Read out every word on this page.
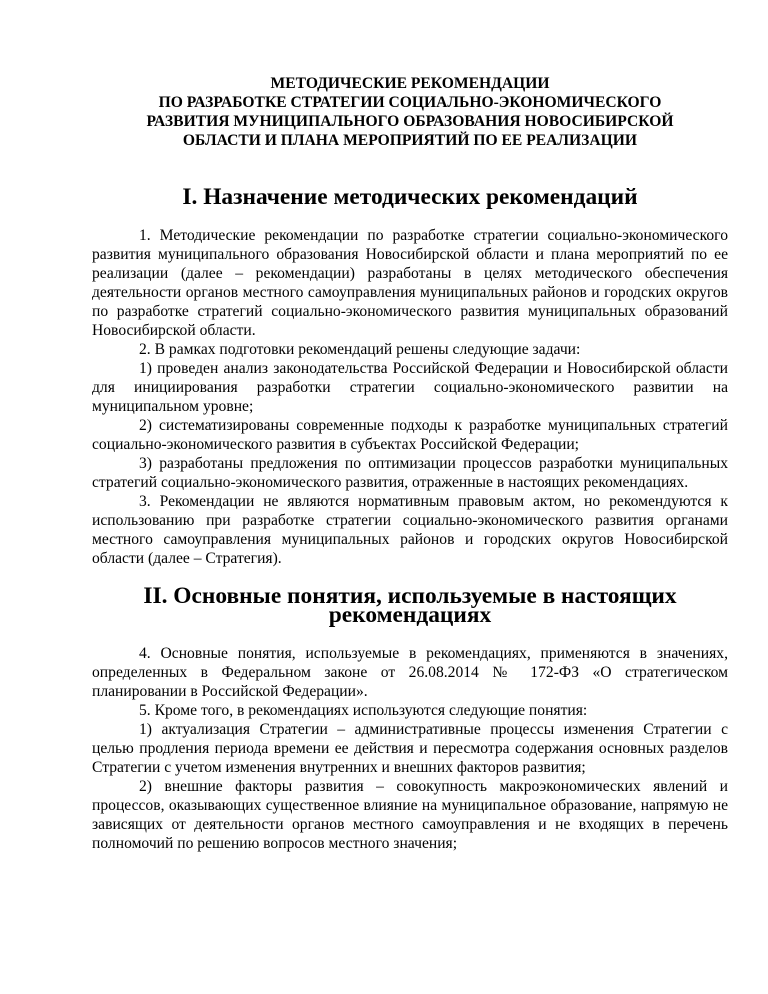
МЕТОДИЧЕСКИЕ РЕКОМЕНДАЦИИ
ПО РАЗРАБОТКЕ СТРАТЕГИИ СОЦИАЛЬНО-ЭКОНОМИЧЕСКОГО
РАЗВИТИЯ МУНИЦИПАЛЬНОГО ОБРАЗОВАНИЯ НОВОСИБИРСКОЙ
ОБЛАСТИ И ПЛАНА МЕРОПРИЯТИЙ ПО ЕЕ РЕАЛИЗАЦИИ
I. Назначение методических рекомендаций

1. Методические рекомендации по разработке стратегии социально-экономического развития муниципального образования Новосибирской области и плана мероприятий по ее реализации (далее – рекомендации) разработаны в целях методического обеспечения деятельности органов местного самоуправления муниципальных районов и городских округов по разработке стратегий социально-экономического развития муниципальных образований Новосибирской области.

2. В рамках подготовки рекомендаций решены следующие задачи:

1) проведен анализ законодательства Российской Федерации и Новосибирской области для инициирования разработки стратегии социально-экономического развитии на муниципальном уровне;

2) систематизированы современные подходы к разработке муниципальных стратегий социально-экономического развития в субъектах Российской Федерации;

3) разработаны предложения по оптимизации процессов разработки муниципальных стратегий социально-экономического развития, отраженные в настоящих рекомендациях.

3. Рекомендации не являются нормативным правовым актом, но рекомендуются к использованию при разработке стратегии социально-экономического развития органами местного самоуправления муниципальных районов и городских округов Новосибирской области (далее – Стратегия).

II. Основные понятия, используемые в настоящих рекомендациях

4. Основные понятия, используемые в рекомендациях, применяются в значениях, определенных в Федеральном законе от 26.08.2014 № 172-ФЗ «О стратегическом планировании в Российской Федерации».

5. Кроме того, в рекомендациях используются следующие понятия:

1) актуализация Стратегии – административные процессы изменения Стратегии с целью продления периода времени ее действия и пересмотра содержания основных разделов Стратегии с учетом изменения внутренних и внешних факторов развития;

2) внешние факторы развития – совокупность макроэкономических явлений и процессов, оказывающих существенное влияние на муниципальное образование, напрямую не зависящих от деятельности органов местного самоуправления и не входящих в перечень полномочий по решению вопросов местного значения;
